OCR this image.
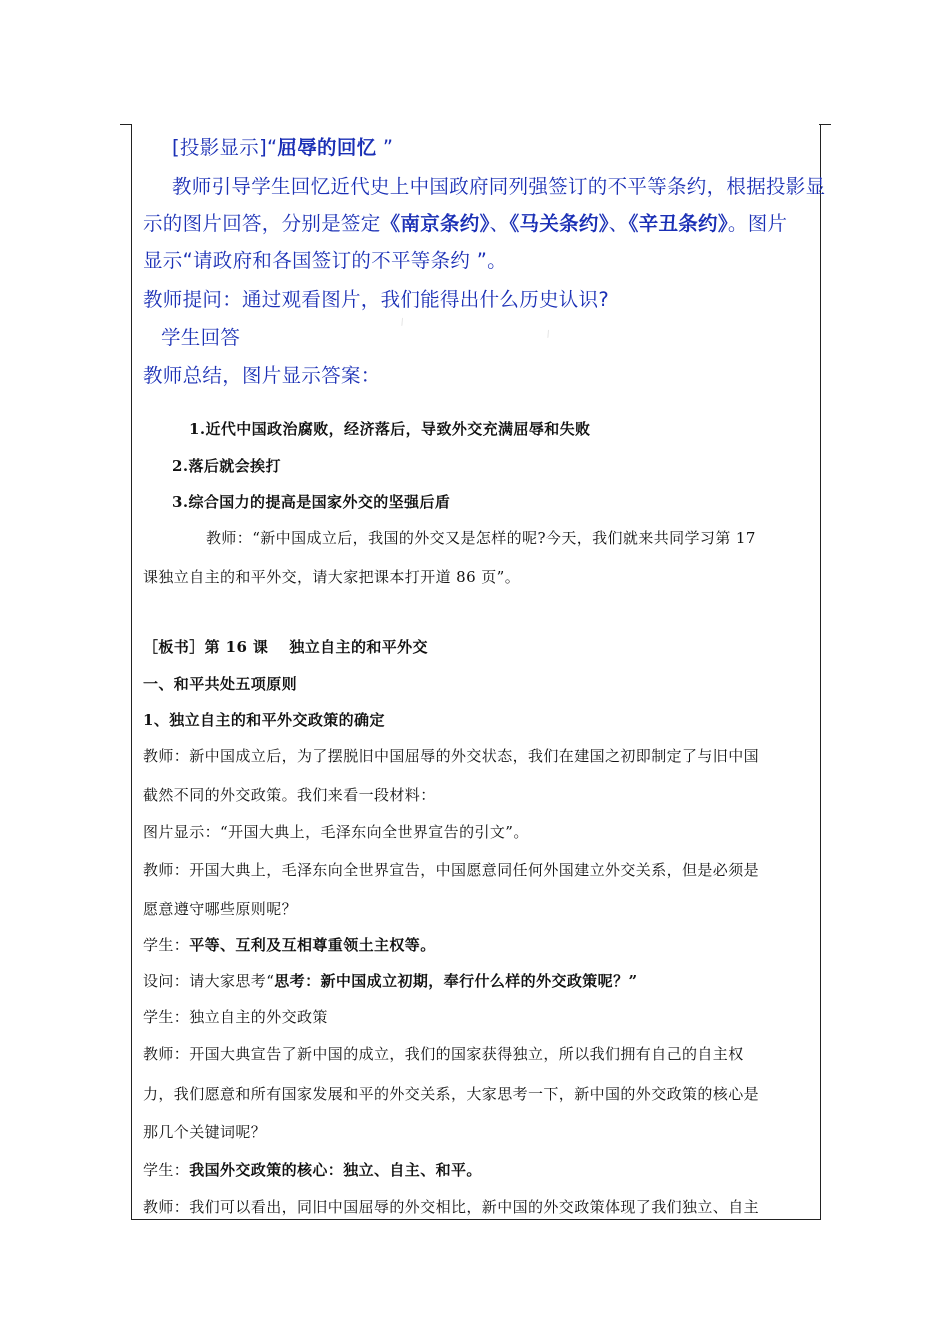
⁄
⁄
[投影显示]“屈辱的回忆 ”
教师引导学生回忆近代史上中国政府同列强签订的不平等条约，根据投影显
示的图片回答，分别是签定《南京条约》、《马关条约》、《辛丑条约》。图片
显示“请政府和各国签订的不平等条约 ”。
教师提问：通过观看图片，我们能得出什么历史认识?
学生回答
教师总结，图片显示答案：
1.近代中国政治腐败，经济落后，导致外交充满屈辱和失败
2.落后就会挨打
3.综合国力的提高是国家外交的坚强后盾
教师：“新中国成立后，我国的外交又是怎样的呢?今天，我们就来共同学习第 17
课独立自主的和平外交，请大家把课本打开道 86 页”。
［板书］第 16 课　 独立自主的和平外交
一、和平共处五项原则
1、独立自主的和平外交政策的确定
教师：新中国成立后，为了摆脱旧中国屈辱的外交状态，我们在建国之初即制定了与旧中国
截然不同的外交政策。我们来看一段材料：
图片显示：“开国大典上，毛泽东向全世界宣告的引文”。
教师：开国大典上，毛泽东向全世界宣告，中国愿意同任何外国建立外交关系，但是必须是
愿意遵守哪些原则呢？
学生：平等、互利及互相尊重领土主权等。
设问：请大家思考“思考：新中国成立初期，奉行什么样的外交政策呢？”
学生：独立自主的外交政策
教师：开国大典宣告了新中国的成立，我们的国家获得独立，所以我们拥有自己的自主权
力，我们愿意和所有国家发展和平的外交关系，大家思考一下，新中国的外交政策的核心是
那几个关键词呢？
学生：我国外交政策的核心：独立、自主、和平。
教师：我们可以看出，同旧中国屈辱的外交相比，新中国的外交政策体现了我们独立、自主
